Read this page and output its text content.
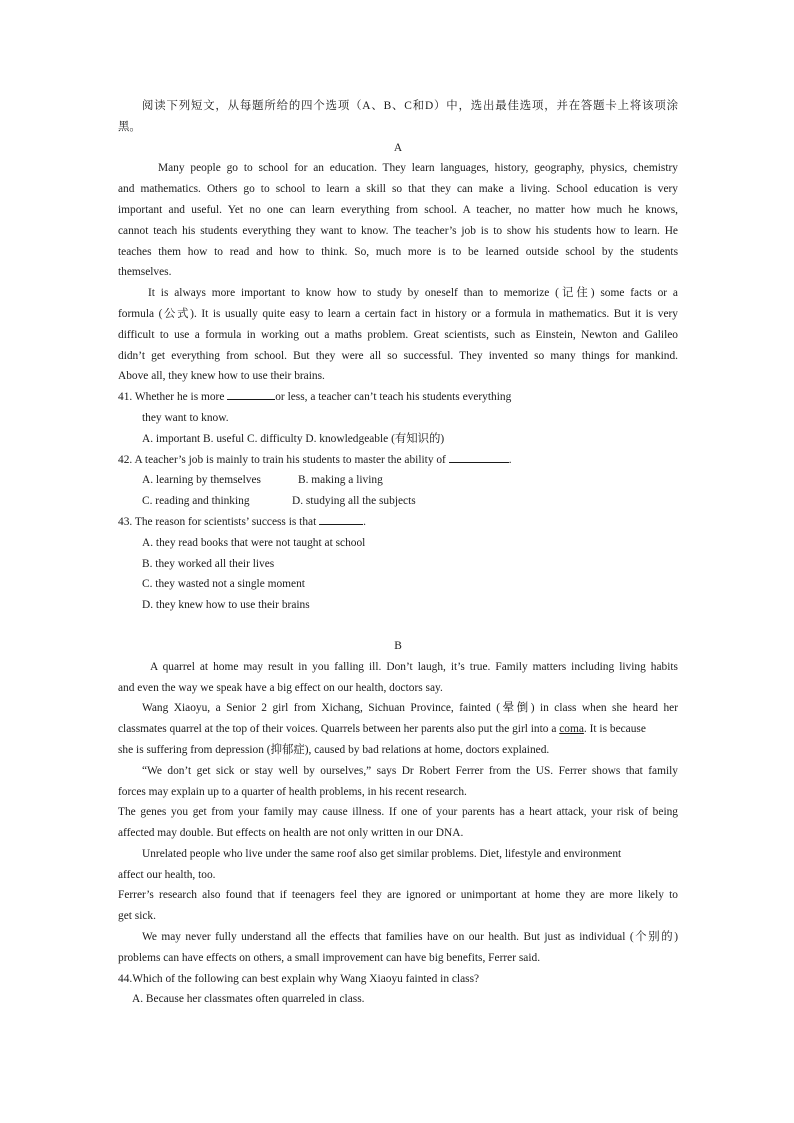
阅读下列短文，从每题所给的四个选项（A、B、C和D）中，选出最佳选项，并在答题卡上将该项涂
黑。
A
Many people go to school for an education. They learn languages, history, geography, physics, chemistry
and mathematics. Others go to school to learn a skill so that they can make a living. School education is very
important and useful. Yet no one can learn everything from school. A teacher, no matter how much he knows,
cannot teach his students everything they want to know. The teacher’s job is to show his students how to learn. He
teaches them how to read and how to think. So, much more is to be learned outside school by the students
themselves.
It is always more important to know how to study by oneself than to memorize (记住) some facts or a
formula (公式). It is usually quite easy to learn a certain fact in history or a formula in mathematics. But it is very
difficult to use a formula in working out a maths problem. Great scientists, such as Einstein, Newton and Galileo
didn’t get everything from school. But they were all so successful. They invented so many things for mankind.
Above all, they knew how to use their brains.
41. Whether he is more	or less, a teacher can’t teach his students everything
they want to know.
A. important B. useful C. difficulty D. knowledgeable (有知识的)
42. A teacher’s job is mainly to train his students to master the ability of	.
A. learning by themselves	B. making a living
C. reading and thinking	D. studying all the subjects
43. The reason for scientists’ success is that	.
A. they read books that were not taught at school
B. they worked all their lives
C. they wasted not a single moment
D. they knew how to use their brains
B
A quarrel at home may result in you falling ill. Don’t laugh, it’s true. Family matters including living habits
and even the way we speak have a big effect on our health, doctors say.
Wang Xiaoyu, a Senior 2 girl from Xichang, Sichuan Province, fainted (晕倒) in class when she heard her
classmates quarrel at the top of their voices. Quarrels between her parents also put the girl into a coma. It is because
she is suffering from depression (抑郁症), caused by bad relations at home, doctors explained.
“We don’t get sick or stay well by ourselves,” says Dr Robert Ferrer from the US. Ferrer shows that family
forces may explain up to a quarter of health problems, in his recent research.
The genes you get from your family may cause illness. If one of your parents has a heart attack, your risk of being
affected may double. But effects on health are not only written in our DNA.
Unrelated people who live under the same roof also get similar problems. Diet, lifestyle and environment
affect our health, too.
Ferrer’s research also found that if teenagers feel they are ignored or unimportant at home they are more likely to
get sick.
We may never fully understand all the effects that families have on our health. But just as individual (个别的)
problems can have effects on others, a small improvement can have big benefits, Ferrer said.
44.Which of the following can best explain why Wang Xiaoyu fainted in class?
A. Because her classmates often quarreled in class.
